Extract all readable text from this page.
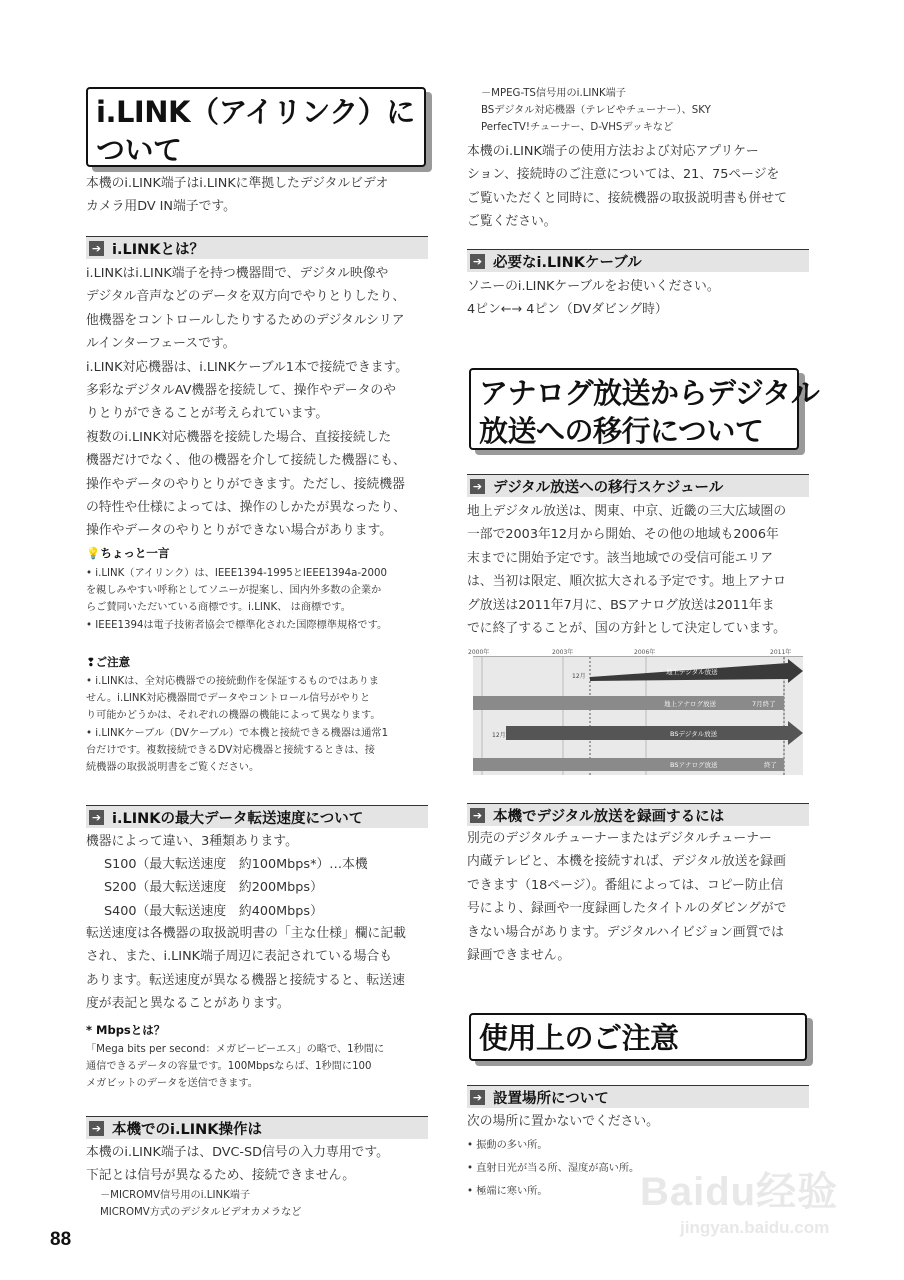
i.LINK（アイリンク）に
ついて
本機のi.LINK端子はi.LINKに準拠したデジタルビデオ
カメラ用DV IN端子です。
➔ i.LINKとは？
i.LINKはi.LINK端子を持つ機器間で、デジタル映像や
デジタル音声などのデータを双方向でやりとりしたり、
他機器をコントロールしたりするためのデジタルシリア
ルインターフェースです。
i.LINK対応機器は、i.LINKケーブル1本で接続できます。
多彩なデジタルAV機器を接続して、操作やデータのや
りとりができることが考えられています。
複数のi.LINK対応機器を接続した場合、直接接続した
機器だけでなく、他の機器を介して接続した機器にも、
操作やデータのやりとりができます。ただし、接続機器
の特性や仕様によっては、操作のしかたが異なったり、
操作やデータのやりとりができない場合があります。
💡ちょっと一言
• i.LINK（アイリンク）は、IEEE1394-1995とIEEE1394a-2000
を親しみやすい呼称としてソニーが提案し、国内外多数の企業か
らご賛同いただいている商標です。i.LINK、 は商標です。
• IEEE1394は電子技術者協会で標準化された国際標準規格です。
❢ご注意
• i.LINKは、全対応機器での接続動作を保証するものではありま
せん。i.LINK対応機器間でデータやコントロール信号がやりと
り可能かどうかは、それぞれの機器の機能によって異なります。
• i.LINKケーブル（DVケーブル）で本機と接続できる機器は通常1
台だけです。複数接続できるDV対応機器と接続するときは、接
続機器の取扱説明書をご覧ください。
➔ i.LINKの最大データ転送速度について
機器によって違い、3種類あります。
S100（最大転送速度　約100Mbps*）…本機
S200（最大転送速度　約200Mbps）
S400（最大転送速度　約400Mbps）
転送速度は各機器の取扱説明書の「主な仕様」欄に記載
され、また、i.LINK端子周辺に表記されている場合も
あります。転送速度が異なる機器と接続すると、転送速
度が表記と異なることがあります。
* Mbpsとは？
「Mega bits per second：メガビーピーエス」の略で、1秒間に
通信できるデータの容量です。100Mbpsならば、1秒間に100
メガビットのデータを送信できます。
➔ 本機でのi.LINK操作は
本機のi.LINK端子は、DVC-SD信号の入力専用です。
下記とは信号が異なるため、接続できません。
－MICROMV信号用のi.LINK端子
MICROMV方式のデジタルビデオカメラなど
－MPEG-TS信号用のi.LINK端子
BSデジタル対応機器（テレビやチューナー）、SKY
PerfecTV!チューナー、D-VHSデッキなど
本機のi.LINK端子の使用方法および対応アプリケー
ション、接続時のご注意については、21、75ページを
ご覧いただくと同時に、接続機器の取扱説明書も併せて
ご覧ください。
➔ 必要なi.LINKケーブル
ソニーのi.LINKケーブルをお使いください。
4ピン←→ 4ピン（DVダビング時）
アナログ放送からデジタル
放送への移行について
➔ デジタル放送への移行スケジュール
地上デジタル放送は、関東、中京、近畿の三大広域圏の
一部で2003年12月から開始、その他の地域も2006年
末までに開始予定です。該当地域での受信可能エリア
は、当初は限定、順次拡大される予定です。地上アナロ
グ放送は2011年7月に、BSアナログ放送は2011年ま
でに終了することが、国の方針として決定しています。
2000年	2003年	2006年	2011年
12月
地上デジタル放送
地上アナログ放送	7月終了
12月	BSデジタル放送
BSアナログ放送	終了
➔ 本機でデジタル放送を録画するには
別売のデジタルチューナーまたはデジタルチューナー
内蔵テレビと、本機を接続すれば、デジタル放送を録画
できます（18ページ）。番組によっては、コピー防止信
号により、録画や一度録画したタイトルのダビングがで
きない場合があります。デジタルハイビジョン画質では
録画できません。
使用上のご注意
➔ 設置場所について
次の場所に置かないでください。
• 振動の多い所。
• 直射日光が当る所、湿度が高い所。
• 極端に寒い所。
88
Baidu经验
jingyan.baidu.com
